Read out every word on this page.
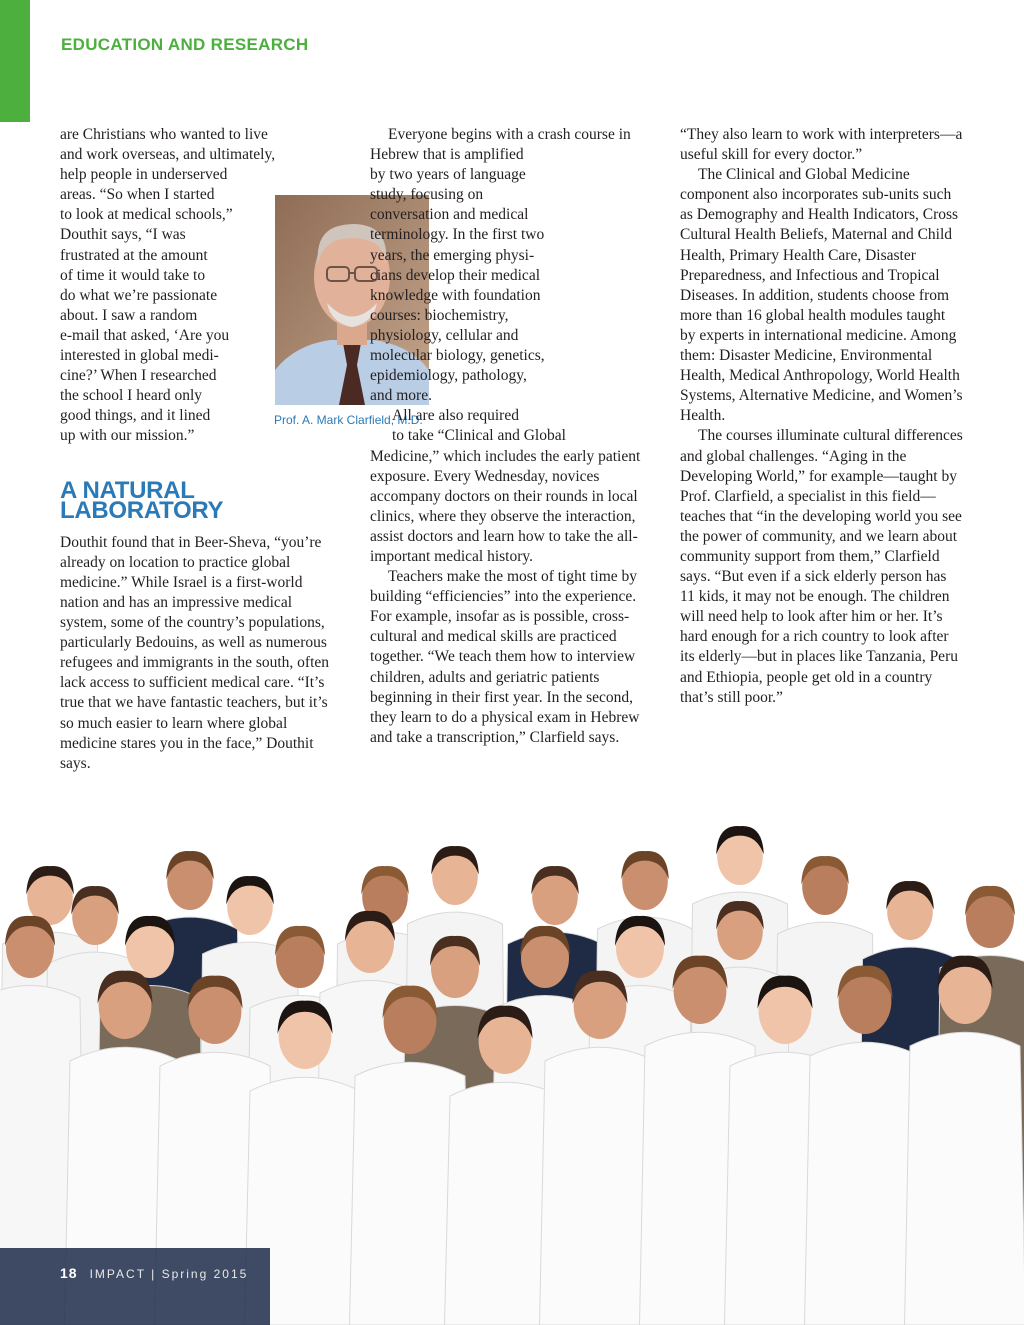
EDUCATION AND RESEARCH

are Christians who wanted to live
and work overseas, and ultimately,
help people in underserved
areas. “So when I started
to look at medical schools,”
Douthit says, “I was
frustrated at the amount
of time it would take to
do what we’re passionate
about. I saw a random
e-mail that asked, ‘Are you
interested in global medi-
cine?’ When I researched
the school I heard only
good things, and it lined
up with our mission.”

A NATURAL LABORATORY

Douthit found that in Beer-Sheva, “you’re already on location to practice global medicine.” While Israel is a first-world nation and has an impressive medical system, some of the country’s populations, particularly Bedouins, as well as numerous refugees and immigrants in the south, often lack access to sufficient medical care. “It’s true that we have fantastic teachers, but it’s so much easier to learn where global medicine stares you in the face,” Douthit says.

Prof. A. Mark Clarfield, M.D.

Everyone begins with a crash course in Hebrew that is amplified

by two years of language
study, focusing on
conversation and medical
terminology. In the first two
years, the emerging physi-
cians develop their medical
knowledge with foundation
courses: biochemistry,
physiology, cellular and
molecular biology, genetics,
epidemiology, pathology,
and more.

All are also required
to take “Clinical and Global

Medicine,” which includes the early patient exposure. Every Wednesday, novices accompany doctors on their rounds in local clinics, where they observe the interaction, assist doctors and learn how to take the all-important medical history.

Teachers make the most of tight time by building “efficiencies” into the experience. For example, insofar as is possible, cross-cultural and medical skills are practiced together. “We teach them how to interview children, adults and geriatric patients beginning in their first year. In the second, they learn to do a physical exam in Hebrew and take a transcription,” Clarfield says.

“They also learn to work with interpreters—a useful skill for every doctor.”

The Clinical and Global Medicine component also incorporates sub-units such as Demography and Health Indicators, Cross Cultural Health Beliefs, Maternal and Child Health, Primary Health Care, Disaster Preparedness, and Infectious and Tropical Diseases. In addition, students choose from more than 16 global health modules taught by experts in international medicine. Among them: Disaster Medicine, Environmental Health, Medical Anthropology, World Health Systems, Alternative Medicine, and Women’s Health.

The courses illuminate cultural differences and global challenges. “Aging in the Developing World,” for example—taught by Prof. Clarfield, a specialist in this field—teaches that “in the developing world you see the power of community, and we learn about community support from them,” Clarfield says. “But even if a sick elderly person has 11 kids, it may not be enough. The children will need help to look after him or her. It’s hard enough for a rich country to look after its elderly—but in places like Tanzania, Peru and Ethiopia, people get old in a country that’s still poor.”

18 IMPACT | Spring 2015
